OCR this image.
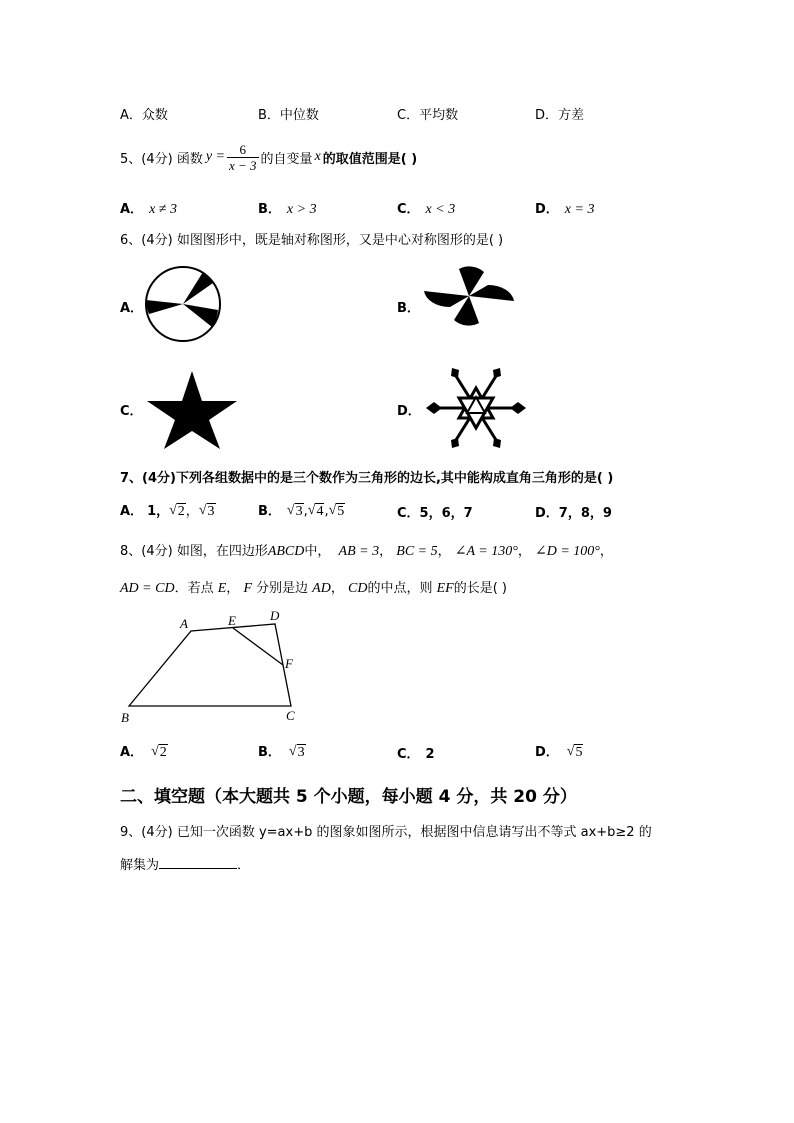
A．众数	B．中位数	C．平均数	D．方差
5、(4分) 函数 $y = \frac{6}{x - 3}$ 的自变量 x 的取值范围是( )
A． x ≠ 3	B． x > 3	C． x < 3	D． x = 3
6、(4分) 如图图形中，既是轴对称图形，又是中心对称图形的是( )
A．	B．
C．	D．
7、(4分)下列各组数据中的是三个数作为三角形的边长,其中能构成直角三角形的是( )
A． 1， √ 2 ， √ 3	B． √ 3 , √ 4 , √ 5	C．5，6，7	D．7，8，9
8、(4分) 如图，在四边形ABCD中， AB = 3， BC = 5， ∠A = 130°， ∠D = 100°，
AD = CD．若点 E， F 分别是边 AD， CD的中点，则 EF的长是( )
B
A	E	D
F
C
A． √ 2	B． √ 3	C． 2	D． √ 5
二、填空题（本大题共 5 个小题，每小题 4 分，共 20 分）
9、(4分) 已知一次函数 y=ax+b 的图象如图所示，根据图中信息请写出不等式 ax+b≥2 的
解集为	．
